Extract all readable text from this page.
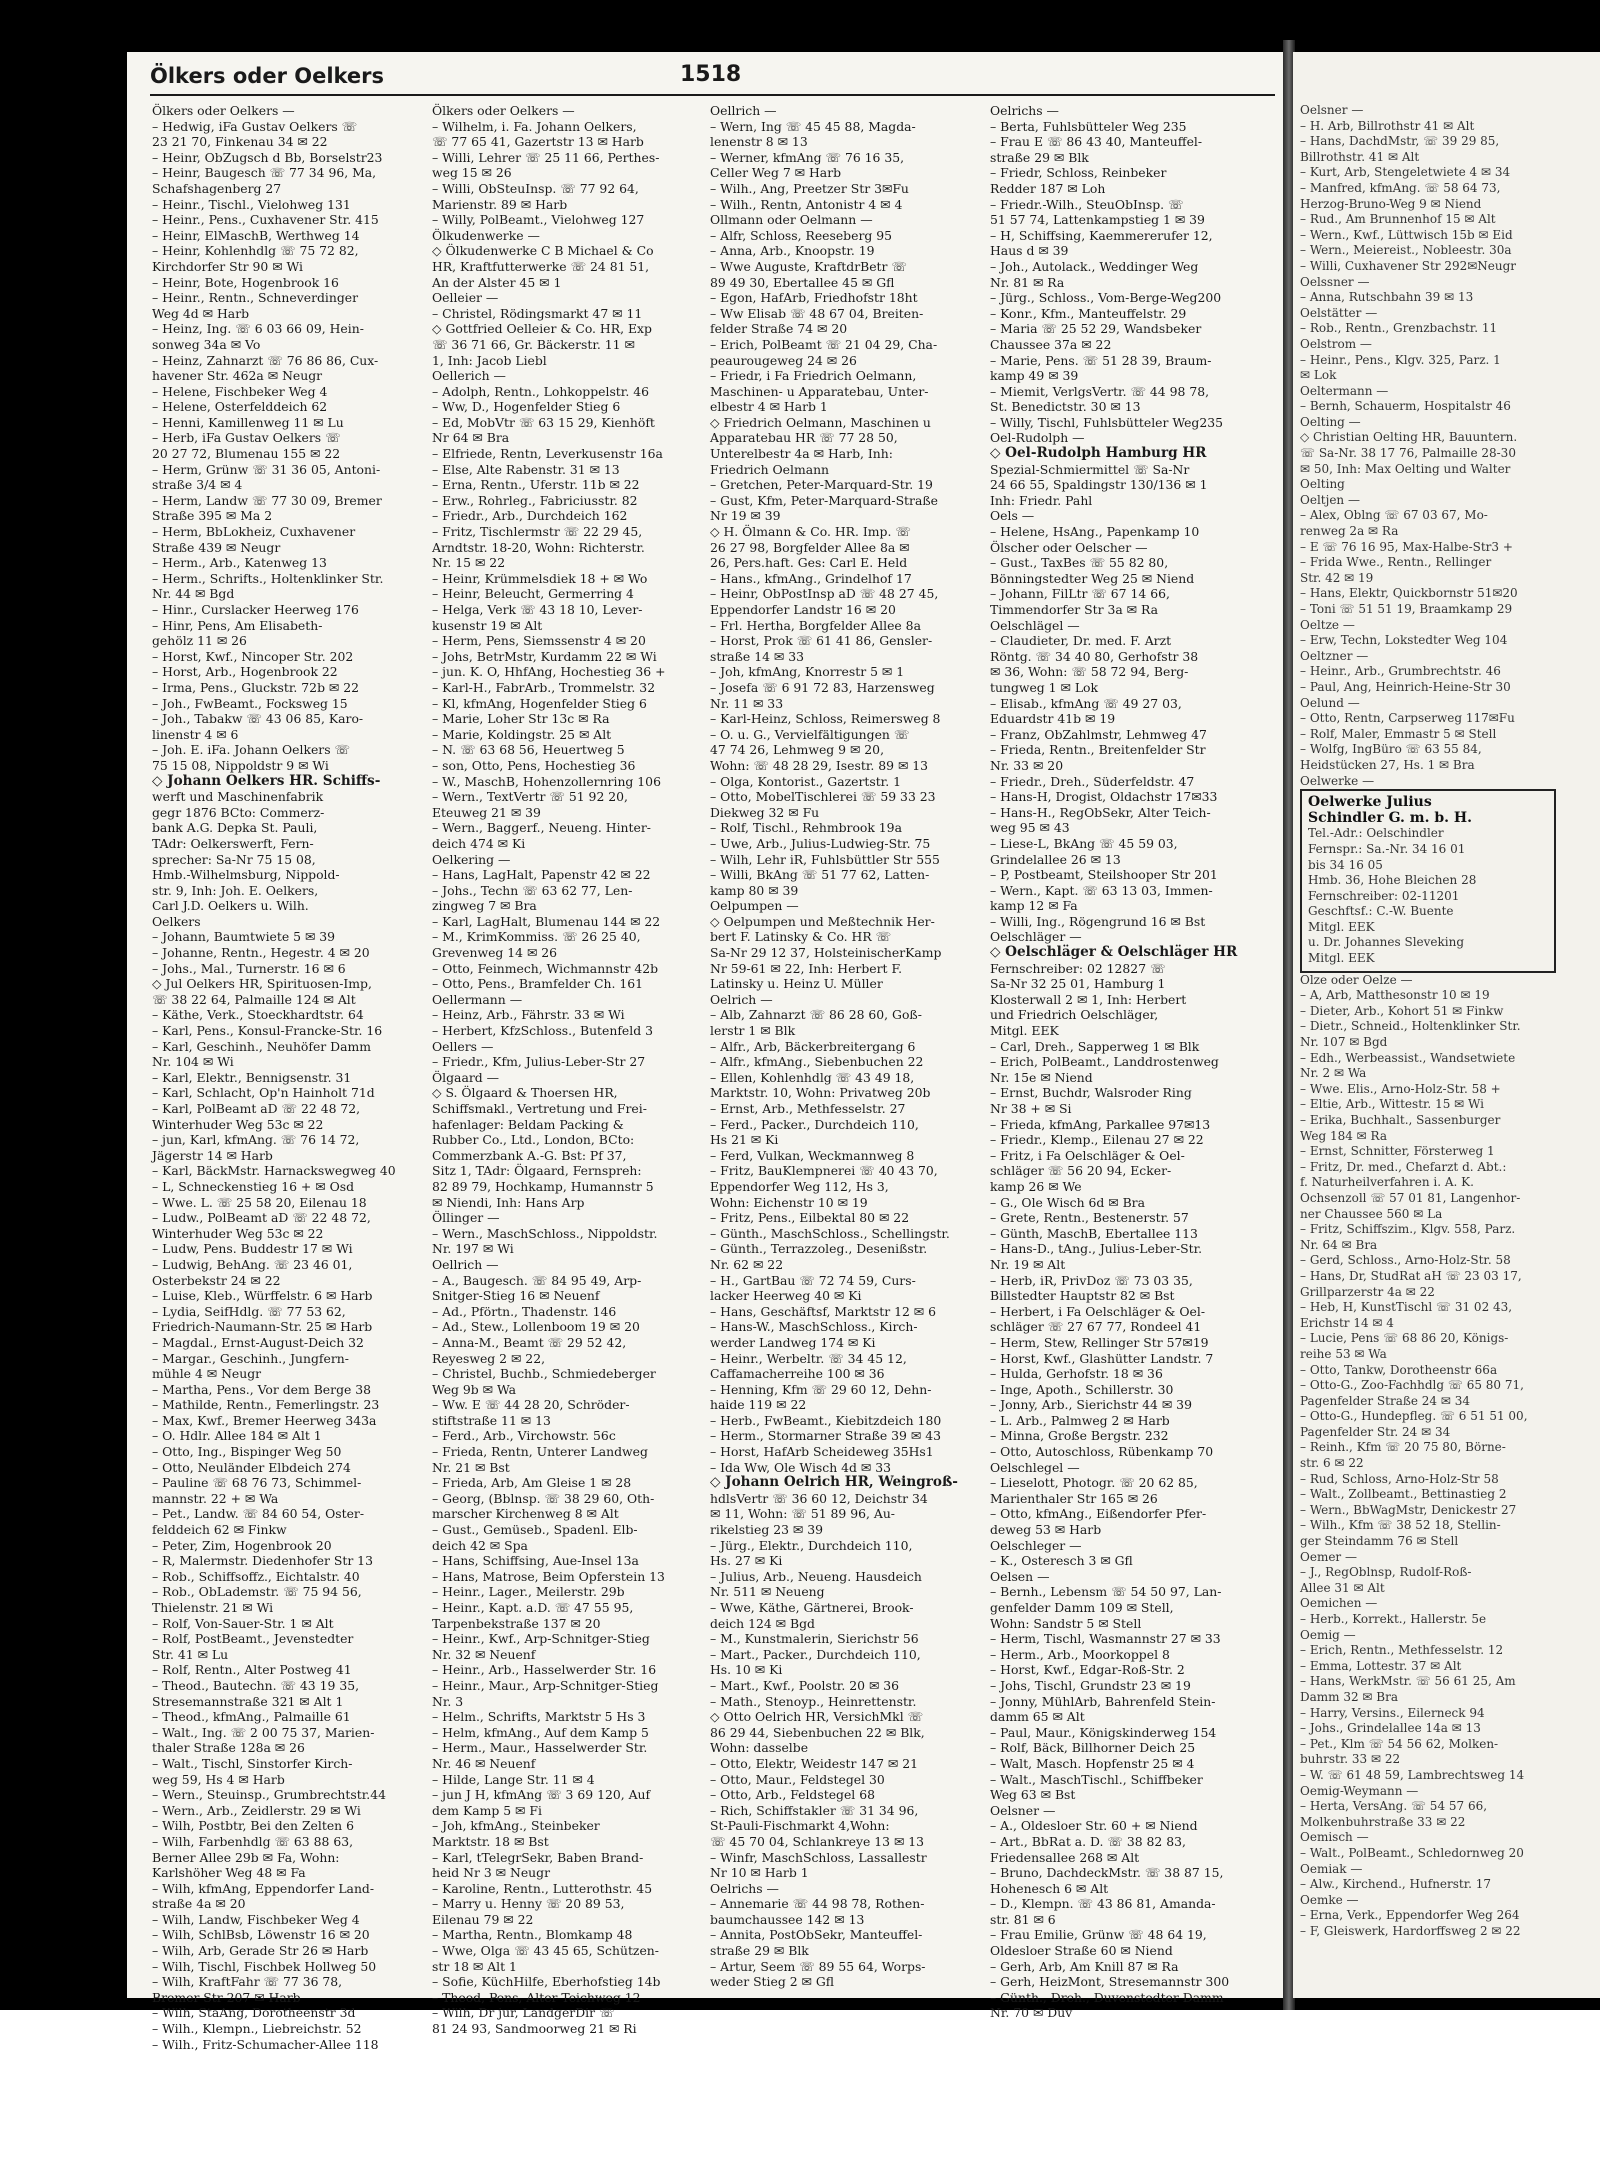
Ölkers oder Oelkers	1518
Ölkers oder Oelkers —
– Hedwig, iFa Gustav Oelkers ☏
23 21 70, Finkenau 34 ✉ 22
– Heinr, ObZugsch d Bb, Borselstr23
– Heinr, Baugesch ☏ 77 34 96, Ma,
Schafshagenberg 27
– Heinr., Tischl., Vielohweg 131
– Heinr., Pens., Cuxhavener Str. 415
– Heinr, ElMaschB, Werthweg 14
– Heinr, Kohlenhdlg ☏ 75 72 82,
Kirchdorfer Str 90 ✉ Wi
– Heinr, Bote, Hogenbrook 16
– Heinr., Rentn., Schneverdinger
Weg 4d ✉ Harb
– Heinz, Ing. ☏ 6 03 66 09, Hein-
sonweg 34a ✉ Vo
– Heinz, Zahnarzt ☏ 76 86 86, Cux-
havener Str. 462a ✉ Neugr
– Helene, Fischbeker Weg 4
– Helene, Osterfelddeich 62
– Henni, Kamillenweg 11 ✉ Lu
– Herb, iFa Gustav Oelkers ☏
20 27 72, Blumenau 155 ✉ 22
– Herm, Grünw ☏ 31 36 05, Antoni-
straße 3/4 ✉ 4
– Herm, Landw ☏ 77 30 09, Bremer
Straße 395 ✉ Ma 2
– Herm, BbLokheiz, Cuxhavener
Straße 439 ✉ Neugr
– Herm., Arb., Katenweg 13
– Herm., Schrifts., Holtenklinker Str.
Nr. 44 ✉ Bgd
– Hinr., Curslacker Heerweg 176
– Hinr, Pens, Am Elisabeth-
gehölz 11 ✉ 26
– Horst, Kwf., Nincoper Str. 202
– Horst, Arb., Hogenbrook 22
– Irma, Pens., Gluckstr. 72b ✉ 22
– Joh., FwBeamt., Focksweg 15
– Joh., Tabakw ☏ 43 06 85, Karo-
linenstr 4 ✉ 6
– Joh. E. iFa. Johann Oelkers ☏
75 15 08, Nippoldstr 9 ✉ Wi
◇ Johann Oelkers HR. Schiffs-
werft und Maschinenfabrik
gegr 1876 BCto: Commerz-
bank A.G. Depka St. Pauli,
TAdr: Oelkerswerft, Fern-
sprecher: Sa-Nr 75 15 08,
Hmb.-Wilhelmsburg, Nippold-
str. 9, Inh: Joh. E. Oelkers,
Carl J.D. Oelkers u. Wilh.
Oelkers
– Johann, Baumtwiete 5 ✉ 39
– Johanne, Rentn., Hegestr. 4 ✉ 20
– Johs., Mal., Turnerstr. 16 ✉ 6
◇ Jul Oelkers HR, Spirituosen-Imp,
☏ 38 22 64, Palmaille 124 ✉ Alt
– Käthe, Verk., Stoeckhardtstr. 64
– Karl, Pens., Konsul-Francke-Str. 16
– Karl, Geschinh., Neuhöfer Damm
Nr. 104 ✉ Wi
– Karl, Elektr., Bennigsenstr. 31
– Karl, Schlacht, Op'n Hainholt 71d
– Karl, PolBeamt aD ☏ 22 48 72,
Winterhuder Weg 53c ✉ 22
– jun, Karl, kfmAng. ☏ 76 14 72,
Jägerstr 14 ✉ Harb
– Karl, BäckMstr. Harnackswegweg 40
– L, Schneckenstieg 16 + ✉ Osd
– Wwe. L. ☏ 25 58 20, Eilenau 18
– Ludw., PolBeamt aD ☏ 22 48 72,
Winterhuder Weg 53c ✉ 22
– Ludw, Pens. Buddestr 17 ✉ Wi
– Ludwig, BehAng. ☏ 23 46 01,
Osterbekstr 24 ✉ 22
– Luise, Kleb., Würffelstr. 6 ✉ Harb
– Lydia, SeifHdlg. ☏ 77 53 62,
Friedrich-Naumann-Str. 25 ✉ Harb
– Magdal., Ernst-August-Deich 32
– Margar., Geschinh., Jungfern-
mühle 4 ✉ Neugr
– Martha, Pens., Vor dem Berge 38
– Mathilde, Rentn., Femerlingstr. 23
– Max, Kwf., Bremer Heerweg 343a
– O. Hdlr. Allee 184 ✉ Alt 1
– Otto, Ing., Bispinger Weg 50
– Otto, Neuländer Elbdeich 274
– Pauline ☏ 68 76 73, Schimmel-
mannstr. 22 + ✉ Wa
– Pet., Landw. ☏ 84 60 54, Oster-
felddeich 62 ✉ Finkw
– Peter, Zim, Hogenbrook 20
– R, Malermstr. Diedenhofer Str 13
– Rob., Schiffsoffz., Eichtalstr. 40
– Rob., ObLademstr. ☏ 75 94 56,
Thielenstr. 21 ✉ Wi
– Rolf, Von-Sauer-Str. 1 ✉ Alt
– Rolf, PostBeamt., Jevenstedter
Str. 41 ✉ Lu
– Rolf, Rentn., Alter Postweg 41
– Theod., Bautechn. ☏ 43 19 35,
Stresemannstraße 321 ✉ Alt 1
– Theod., kfmAng., Palmaille 61
– Walt., Ing. ☏ 2 00 75 37, Marien-
thaler Straße 128a ✉ 26
– Walt., Tischl, Sinstorfer Kirch-
weg 59, Hs 4 ✉ Harb
– Wern., Steuinsp., Grumbrechtstr.44
– Wern., Arb., Zeidlerstr. 29 ✉ Wi
– Wilh, Postbtr, Bei den Zelten 6
– Wilh, Farbenhdlg ☏ 63 88 63,
Berner Allee 29b ✉ Fa, Wohn:
Karlshöher Weg 48 ✉ Fa
– Wilh, kfmAng, Eppendorfer Land-
straße 4a ✉ 20
– Wilh, Landw, Fischbeker Weg 4
– Wilh, SchlBsb, Löwenstr 16 ✉ 20
– Wilh, Arb, Gerade Str 26 ✉ Harb
– Wilh, Tischl, Fischbek Hollweg 50
– Wilh, KraftFahr ☏ 77 36 78,
Bremer Str 207 ✉ Harb
– Wilh, StaAng, Dorotheenstr 3d
– Wilh., Klempn., Liebreichstr. 52
– Wilh., Fritz-Schumacher-Allee 118
Ölkers oder Oelkers —
– Wilhelm, i. Fa. Johann Oelkers,
☏ 77 65 41, Gazertstr 13 ✉ Harb
– Willi, Lehrer ☏ 25 11 66, Perthes-
weg 15 ✉ 26
– Willi, ObSteuInsp. ☏ 77 92 64,
Marienstr. 89 ✉ Harb
– Willy, PolBeamt., Vielohweg 127
Ölkudenwerke —
◇ Ölkudenwerke C B Michael & Co
HR, Kraftfutterwerke ☏ 24 81 51,
An der Alster 45 ✉ 1
Oelleier —
– Christel, Rödingsmarkt 47 ✉ 11
◇ Gottfried Oelleier & Co. HR, Exp
☏ 36 71 66, Gr. Bäckerstr. 11 ✉
1, Inh: Jacob Liebl
Oellerich —
– Adolph, Rentn., Lohkoppelstr. 46
– Ww, D., Hogenfelder Stieg 6
– Ed, MobVtr ☏ 63 15 29, Kienhöft
Nr 64 ✉ Bra
– Elfriede, Rentn, Leverkusenstr 16a
– Else, Alte Rabenstr. 31 ✉ 13
– Erna, Rentn., Uferstr. 11b ✉ 22
– Erw., Rohrleg., Fabriciusstr. 82
– Friedr., Arb., Durchdeich 162
– Fritz, Tischlermstr ☏ 22 29 45,
Arndtstr. 18-20, Wohn: Richterstr.
Nr. 15 ✉ 22
– Heinr, Krümmelsdiek 18 + ✉ Wo
– Heinr, Beleucht, Germerring 4
– Helga, Verk ☏ 43 18 10, Lever-
kusenstr 19 ✉ Alt
– Herm, Pens, Siemssenstr 4 ✉ 20
– Johs, BetrMstr, Kurdamm 22 ✉ Wi
– jun. K. O, HhfAng, Hochestieg 36 +
– Karl-H., FabrArb., Trommelstr. 32
– Kl, kfmAng, Hogenfelder Stieg 6
– Marie, Loher Str 13c ✉ Ra
– Marie, Koldingstr. 25 ✉ Alt
– N. ☏ 63 68 56, Heuertweg 5
– son, Otto, Pens, Hochestieg 36
– W., MaschB, Hohenzollernring 106
– Wern., TextVertr ☏ 51 92 20,
Eteuweg 21 ✉ 39
– Wern., Baggerf., Neueng. Hinter-
deich 474 ✉ Ki
Oelkering —
– Hans, LagHalt, Papenstr 42 ✉ 22
– Johs., Techn ☏ 63 62 77, Len-
zingweg 7 ✉ Bra
– Karl, LagHalt, Blumenau 144 ✉ 22
– M., KrimKommiss. ☏ 26 25 40,
Grevenweg 14 ✉ 26
– Otto, Feinmech, Wichmannstr 42b
– Otto, Pens., Bramfelder Ch. 161
Oellermann —
– Heinz, Arb., Fährstr. 33 ✉ Wi
– Herbert, KfzSchloss., Butenfeld 3
Oellers —
– Friedr., Kfm, Julius-Leber-Str 27
Ölgaard —
◇ S. Ölgaard & Thoersen HR,
Schiffsmakl., Vertretung und Frei-
hafenlager: Beldam Packing &
Rubber Co., Ltd., London, BCto:
Commerzbank A.-G. Bst: Pf 37,
Sitz 1, TAdr: Ölgaard, Fernspreh:
82 89 79, Hochkamp, Humannstr 5
✉ Niendi, Inh: Hans Arp
Öllinger —
– Wern., MaschSchloss., Nippoldstr.
Nr. 197 ✉ Wi
Oellrich —
– A., Baugesch. ☏ 84 95 49, Arp-
Snitger-Stieg 16 ✉ Neuenf
– Ad., Pförtn., Thadenstr. 146
– Ad., Stew., Lollenboom 19 ✉ 20
– Anna-M., Beamt ☏ 29 52 42,
Reyesweg 2 ✉ 22,
– Christel, Buchb., Schmiedeberger
Weg 9b ✉ Wa
– Ww. E ☏ 44 28 20, Schröder-
stiftstraße 11 ✉ 13
– Ferd., Arb., Virchowstr. 56c
– Frieda, Rentn, Unterer Landweg
Nr. 21 ✉ Bst
– Frieda, Arb, Am Gleise 1 ✉ 28
– Georg, (Bblnsp. ☏ 38 29 60, Oth-
marscher Kirchenweg 8 ✉ Alt
– Gust., Gemüseb., Spadenl. Elb-
deich 42 ✉ Spa
– Hans, Schiffsing, Aue-Insel 13a
– Hans, Matrose, Beim Opferstein 13
– Heinr., Lager., Meilerstr. 29b
– Heinr., Kapt. a.D. ☏ 47 55 95,
Tarpenbekstraße 137 ✉ 20
– Heinr., Kwf., Arp-Schnitger-Stieg
Nr. 32 ✉ Neuenf
– Heinr., Arb., Hasselwerder Str. 16
– Heinr., Maur., Arp-Schnitger-Stieg
Nr. 3
– Helm., Schrifts, Marktstr 5 Hs 3
– Helm, kfmAng., Auf dem Kamp 5
– Herm., Maur., Hasselwerder Str.
Nr. 46 ✉ Neuenf
– Hilde, Lange Str. 11 ✉ 4
– jun J H, kfmAng ☏ 3 69 120, Auf
dem Kamp 5 ✉ Fi
– Joh, kfmAng., Steinbeker
Marktstr. 18 ✉ Bst
– Karl, tTelegrSekr, Baben Brand-
heid Nr 3 ✉ Neugr
– Karoline, Rentn., Lutterothstr. 45
– Marry u. Henny ☏ 20 89 53,
Eilenau 79 ✉ 22
– Martha, Rentn., Blomkamp 48
– Wwe, Olga ☏ 43 45 65, Schützen-
str 18 ✉ Alt 1
– Sofie, KüchHilfe, Eberhofstieg 14b
– Theod, Pens, Alter Teichweg 12
– Wilh, Dr jur, LandgerDir ☏
81 24 93, Sandmoorweg 21 ✉ Ri
Oellrich —
– Wern, Ing ☏ 45 45 88, Magda-
lenenstr 8 ✉ 13
– Werner, kfmAng ☏ 76 16 35,
Celler Weg 7 ✉ Harb
– Wilh., Ang, Preetzer Str 3✉Fu
– Wilh., Rentn, Antonistr 4 ✉ 4
Ollmann oder Oelmann —
– Alfr, Schloss, Reeseberg 95
– Anna, Arb., Knoopstr. 19
– Wwe Auguste, KraftdrBetr ☏
89 49 30, Ebertallee 45 ✉ Gfl
– Egon, HafArb, Friedhofstr 18ht
– Ww Elisab ☏ 48 67 04, Breiten-
felder Straße 74 ✉ 20
– Erich, PolBeamt ☏ 21 04 29, Cha-
peaurougeweg 24 ✉ 26
– Friedr, i Fa Friedrich Oelmann,
Maschinen- u Apparatebau, Unter-
elbestr 4 ✉ Harb 1
◇ Friedrich Oelmann, Maschinen u
Apparatebau HR ☏ 77 28 50,
Unterelbestr 4a ✉ Harb, Inh:
Friedrich Oelmann
– Gretchen, Peter-Marquard-Str. 19
– Gust, Kfm, Peter-Marquard-Straße
Nr 19 ✉ 39
◇ H. Ölmann & Co. HR. Imp. ☏
26 27 98, Borgfelder Allee 8a ✉
26, Pers.haft. Ges: Carl E. Held
– Hans., kfmAng., Grindelhof 17
– Heinr, ObPostInsp aD ☏ 48 27 45,
Eppendorfer Landstr 16 ✉ 20
– Frl. Hertha, Borgfelder Allee 8a
– Horst, Prok ☏ 61 41 86, Gensler-
straße 14 ✉ 33
– Joh, kfmAng, Knorrestr 5 ✉ 1
– Josefa ☏ 6 91 72 83, Harzensweg
Nr. 11 ✉ 33
– Karl-Heinz, Schloss, Reimersweg 8
– O. u. G., Vervielfältigungen ☏
47 74 26, Lehmweg 9 ✉ 20,
Wohn: ☏ 48 28 29, Isestr. 89 ✉ 13
– Olga, Kontorist., Gazertstr. 1
– Otto, MobelTischlerei ☏ 59 33 23
Diekweg 32 ✉ Fu
– Rolf, Tischl., Rehmbrook 19a
– Uwe, Arb., Julius-Ludwieg-Str. 75
– Wilh, Lehr iR, Fuhlsbüttler Str 555
– Willi, BkAng ☏ 51 77 62, Latten-
kamp 80 ✉ 39
Oelpumpen —
◇ Oelpumpen und Meßtechnik Her-
bert F. Latinsky & Co. HR ☏
Sa-Nr 29 12 37, HolsteinischerKamp
Nr 59-61 ✉ 22, Inh: Herbert F.
Latinsky u. Heinz U. Müller
Oelrich —
– Alb, Zahnarzt ☏ 86 28 60, Goß-
lerstr 1 ✉ Blk
– Alfr., Arb, Bäckerbreitergang 6
– Alfr., kfmAng., Siebenbuchen 22
– Ellen, Kohlenhdlg ☏ 43 49 18,
Marktstr. 10, Wohn: Privatweg 20b
– Ernst, Arb., Methfesselstr. 27
– Ferd., Packer., Durchdeich 110,
Hs 21 ✉ Ki
– Ferd, Vulkan, Weckmannweg 8
– Fritz, BauKlempnerei ☏ 40 43 70,
Eppendorfer Weg 112, Hs 3,
Wohn: Eichenstr 10 ✉ 19
– Fritz, Pens., Eilbektal 80 ✉ 22
– Günth., MaschSchloss., Schellingstr.
– Günth., Terrazzoleg., Desenißstr.
Nr. 62 ✉ 22
– H., GartBau ☏ 72 74 59, Curs-
lacker Heerweg 40 ✉ Ki
– Hans, Geschäftsf, Marktstr 12 ✉ 6
– Hans-W., MaschSchloss., Kirch-
werder Landweg 174 ✉ Ki
– Heinr., Werbeltr. ☏ 34 45 12,
Caffamacherreihe 100 ✉ 36
– Henning, Kfm ☏ 29 60 12, Dehn-
haide 119 ✉ 22
– Herb., FwBeamt., Kiebitzdeich 180
– Herm., Stormarner Straße 39 ✉ 43
– Horst, HafArb Scheideweg 35Hs1
– Ida Ww, Ole Wisch 4d ✉ 33
◇ Johann Oelrich HR, Weingroß-
hdlsVertr ☏ 36 60 12, Deichstr 34
✉ 11, Wohn: ☏ 51 89 96, Au-
rikelstieg 23 ✉ 39
– Jürg., Elektr., Durchdeich 110,
Hs. 27 ✉ Ki
– Julius, Arb., Neueng. Hausdeich
Nr. 511 ✉ Neueng
– Wwe, Käthe, Gärtnerei, Brook-
deich 124 ✉ Bgd
– M., Kunstmalerin, Sierichstr 56
– Mart., Packer., Durchdeich 110,
Hs. 10 ✉ Ki
– Mart., Kwf., Poolstr. 20 ✉ 36
– Math., Stenoyp., Heinrettenstr.
◇ Otto Oelrich HR, VersichMkl ☏
86 29 44, Siebenbuchen 22 ✉ Blk,
Wohn: dasselbe
– Otto, Elektr, Weidestr 147 ✉ 21
– Otto, Maur., Feldstegel 30
– Otto, Arb., Feldstegel 68
– Rich, Schiffstakler ☏ 31 34 96,
St-Pauli-Fischmarkt 4,Wohn:
☏ 45 70 04, Schlankreye 13 ✉ 13
– Winfr, MaschSchloss, Lassallestr
Nr 10 ✉ Harb 1
Oelrichs —
– Annemarie ☏ 44 98 78, Rothen-
baumchaussee 142 ✉ 13
– Annita, PostObSekr, Manteuffel-
straße 29 ✉ Blk
– Artur, Seem ☏ 89 55 64, Worps-
weder Stieg 2 ✉ Gfl
Oelrichs —
– Berta, Fuhlsbütteler Weg 235
– Frau E ☏ 86 43 40, Manteuffel-
straße 29 ✉ Blk
– Friedr, Schloss, Reinbeker
Redder 187 ✉ Loh
– Friedr.-Wilh., SteuObInsp. ☏
51 57 74, Lattenkampstieg 1 ✉ 39
– H, Schiffsing, Kaemmererufer 12,
Haus d ✉ 39
– Joh., Autolack., Weddinger Weg
Nr. 81 ✉ Ra
– Jürg., Schloss., Vom-Berge-Weg200
– Konr., Kfm., Manteuffelstr. 29
– Maria ☏ 25 52 29, Wandsbeker
Chaussee 37a ✉ 22
– Marie, Pens. ☏ 51 28 39, Braum-
kamp 49 ✉ 39
– Miemit, VerlgsVertr. ☏ 44 98 78,
St. Benedictstr. 30 ✉ 13
– Willy, Tischl, Fuhlsbütteler Weg235
Oel-Rudolph —
◇ Oel-Rudolph Hamburg HR
Spezial-Schmiermittel ☏ Sa-Nr
24 66 55, Spaldingstr 130/136 ✉ 1
Inh: Friedr. Pahl
Oels —
– Helene, HsAng., Papenkamp 10
Ölscher oder Oelscher —
– Gust., TaxBes ☏ 55 82 80,
Bönningstedter Weg 25 ✉ Niend
– Johann, FilLtr ☏ 67 14 66,
Timmendorfer Str 3a ✉ Ra
Oelschlägel —
– Claudieter, Dr. med. F. Arzt
Röntg. ☏ 34 40 80, Gerhofstr 38
✉ 36, Wohn: ☏ 58 72 94, Berg-
tungweg 1 ✉ Lok
– Elisab., kfmAng ☏ 49 27 03,
Eduardstr 41b ✉ 19
– Franz, ObZahlmstr, Lehmweg 47
– Frieda, Rentn., Breitenfelder Str
Nr. 33 ✉ 20
– Friedr., Dreh., Süderfeldstr. 47
– Hans-H, Drogist, Oldachstr 17✉33
– Hans-H., RegObSekr, Alter Teich-
weg 95 ✉ 43
– Liese-L, BkAng ☏ 45 59 03,
Grindelallee 26 ✉ 13
– P, Postbeamt, Steilshooper Str 201
– Wern., Kapt. ☏ 63 13 03, Immen-
kamp 12 ✉ Fa
– Willi, Ing., Rögengrund 16 ✉ Bst
Oelschläger —
◇ Oelschläger & Oelschläger HR
Fernschreiber: 02 12827 ☏
Sa-Nr 32 25 01, Hamburg 1
Klosterwall 2 ✉ 1, Inh: Herbert
und Friedrich Oelschläger,
Mitgl. EEK
– Carl, Dreh., Sapperweg 1 ✉ Blk
– Erich, PolBeamt., Landdrostenweg
Nr. 15e ✉ Niend
– Ernst, Buchdr, Walsroder Ring
Nr 38 + ✉ Si
– Frieda, kfmAng, Parkallee 97✉13
– Friedr., Klemp., Eilenau 27 ✉ 22
– Fritz, i Fa Oelschläger & Oel-
schläger ☏ 56 20 94, Ecker-
kamp 26 ✉ We
– G., Ole Wisch 6d ✉ Bra
– Grete, Rentn., Bestenerstr. 57
– Günth, MaschB, Ebertallee 113
– Hans-D., tAng., Julius-Leber-Str.
Nr. 19 ✉ Alt
– Herb, iR, PrivDoz ☏ 73 03 35,
Billstedter Hauptstr 82 ✉ Bst
– Herbert, i Fa Oelschläger & Oel-
schläger ☏ 27 67 77, Rondeel 41
– Herm, Stew, Rellinger Str 57✉19
– Horst, Kwf., Glashütter Landstr. 7
– Hulda, Gerhofstr. 18 ✉ 36
– Inge, Apoth., Schillerstr. 30
– Jonny, Arb., Sierichstr 44 ✉ 39
– L. Arb., Palmweg 2 ✉ Harb
– Minna, Große Bergstr. 232
– Otto, Autoschloss, Rübenkamp 70
Oelschlegel —
– Lieselott, Photogr. ☏ 20 62 85,
Marienthaler Str 165 ✉ 26
– Otto, kfmAng., Eißendorfer Pfer-
deweg 53 ✉ Harb
Oelschleger —
– K., Osteresch 3 ✉ Gfl
Oelsen —
– Bernh., Lebensm ☏ 54 50 97, Lan-
genfelder Damm 109 ✉ Stell,
Wohn: Sandstr 5 ✉ Stell
– Herm, Tischl, Wasmannstr 27 ✉ 33
– Herm., Arb., Moorkoppel 8
– Horst, Kwf., Edgar-Roß-Str. 2
– Johs, Tischl, Grundstr 23 ✉ 19
– Jonny, MühlArb, Bahrenfeld Stein-
damm 65 ✉ Alt
– Paul, Maur., Königskinderweg 154
– Rolf, Bäck, Billhorner Deich 25
– Walt, Masch. Hopfenstr 25 ✉ 4
– Walt., MaschTischl., Schiffbeker
Weg 63 ✉ Bst
Oelsner —
– A., Oldesloer Str. 60 + ✉ Niend
– Art., BbRat a. D. ☏ 38 82 83,
Friedensallee 268 ✉ Alt
– Bruno, DachdeckMstr. ☏ 38 87 15,
Hohenesch 6 ✉ Alt
– D., Klempn. ☏ 43 86 81, Amanda-
str. 81 ✉ 6
– Frau Emilie, Grünw ☏ 48 64 19,
Oldesloer Straße 60 ✉ Niend
– Gerh, Arb, Am Knill 87 ✉ Ra
– Gerh, HeizMont, Stresemannstr 300
– Günth., Dreh., Duvenstedter Damm
Nr. 70 ✉ Duv
Oelsner —
– H. Arb, Billrothstr 41 ✉ Alt
– Hans, DachdMstr, ☏ 39 29 85,
Billrothstr. 41 ✉ Alt
– Kurt, Arb, Stengeletwiete 4 ✉ 34
– Manfred, kfmAng. ☏ 58 64 73,
Herzog-Bruno-Weg 9 ✉ Niend
– Rud., Am Brunnenhof 15 ✉ Alt
– Wern., Kwf., Lüttwisch 15b ✉ Eid
– Wern., Meiereist., Nobleestr. 30a
– Willi, Cuxhavener Str 292✉Neugr
Oelssner —
– Anna, Rutschbahn 39 ✉ 13
Oelstätter —
– Rob., Rentn., Grenzbachstr. 11
Oelstrom —
– Heinr., Pens., Klgv. 325, Parz. 1
✉ Lok
Oeltermann —
– Bernh, Schauerm, Hospitalstr 46
Oelting —
◇ Christian Oelting HR, Bauuntern.
☏ Sa-Nr. 38 17 76, Palmaille 28-30
✉ 50, Inh: Max Oelting und Walter
Oelting
Oeltjen —
– Alex, Oblng ☏ 67 03 67, Mo-
renweg 2a ✉ Ra
– E ☏ 76 16 95, Max-Halbe-Str3 +
– Frida Wwe., Rentn., Rellinger
Str. 42 ✉ 19
– Hans, Elektr, Quickbornstr 51✉20
– Toni ☏ 51 51 19, Braamkamp 29
Oeltze —
– Erw, Techn, Lokstedter Weg 104
Oeltzner —
– Heinr., Arb., Grumbrechtstr. 46
– Paul, Ang, Heinrich-Heine-Str 30
Oelund —
– Otto, Rentn, Carpserweg 117✉Fu
– Rolf, Maler, Emmastr 5 ✉ Stell
– Wolfg, IngBüro ☏ 63 55 84,
Heidstücken 27, Hs. 1 ✉ Bra
Oelwerke —
Oelwerke Julius
Schindler G. m. b. H.
Tel.-Adr.: Oelschindler
Fernspr.: Sa.-Nr. 34 16 01
bis 34 16 05
Hmb. 36, Hohe Bleichen 28
Fernschreiber: 02-11201
Geschftsf.: C.-W. Buente
Mitgl. EEK
u. Dr. Johannes Sleveking
Mitgl. EEK
Olze oder Oelze —
– A, Arb, Matthesonstr 10 ✉ 19
– Dieter, Arb., Kohort 51 ✉ Finkw
– Dietr., Schneid., Holtenklinker Str.
Nr. 107 ✉ Bgd
– Edh., Werbeassist., Wandsetwiete
Nr. 2 ✉ Wa
– Wwe. Elis., Arno-Holz-Str. 58 +
– Eltie, Arb., Wittestr. 15 ✉ Wi
– Erika, Buchhalt., Sassenburger
Weg 184 ✉ Ra
– Ernst, Schnitter, Försterweg 1
– Fritz, Dr. med., Chefarzt d. Abt.:
f. Naturheilverfahren i. A. K.
Ochsenzoll ☏ 57 01 81, Langenhor-
ner Chaussee 560 ✉ La
– Fritz, Schiffszim., Klgv. 558, Parz.
Nr. 64 ✉ Bra
– Gerd, Schloss., Arno-Holz-Str. 58
– Hans, Dr, StudRat aH ☏ 23 03 17,
Grillparzerstr 4a ✉ 22
– Heb, H, KunstTischl ☏ 31 02 43,
Erichstr 14 ✉ 4
– Lucie, Pens ☏ 68 86 20, Königs-
reihe 53 ✉ Wa
– Otto, Tankw, Dorotheenstr 66a
– Otto-G., Zoo-Fachhdlg ☏ 65 80 71,
Pagenfelder Straße 24 ✉ 34
– Otto-G., Hundepfleg. ☏ 6 51 51 00,
Pagenfelder Str. 24 ✉ 34
– Reinh., Kfm ☏ 20 75 80, Börne-
str. 6 ✉ 22
– Rud, Schloss, Arno-Holz-Str 58
– Walt., Zollbeamt., Bettinastieg 2
– Wern., BbWagMstr, Denickestr 27
– Wilh., Kfm ☏ 38 52 18, Stellin-
ger Steindamm 76 ✉ Stell
Oemer —
– J., RegOblnsp, Rudolf-Roß-
Allee 31 ✉ Alt
Oemichen —
– Herb., Korrekt., Hallerstr. 5e
Oemig —
– Erich, Rentn., Methfesselstr. 12
– Emma, Lottestr. 37 ✉ Alt
– Hans, WerkMstr. ☏ 56 61 25, Am
Damm 32 ✉ Bra
– Harry, Versins., Eilerneck 94
– Johs., Grindelallee 14a ✉ 13
– Pet., Klm ☏ 54 56 62, Molken-
buhrstr. 33 ✉ 22
– W. ☏ 61 48 59, Lambrechtsweg 14
Oemig-Weymann —
– Herta, VersAng. ☏ 54 57 66,
Molkenbuhrstraße 33 ✉ 22
Oemisch —
– Walt., PolBeamt., Schledornweg 20
Oemiak —
– Alw., Kirchend., Hufnerstr. 17
Oemke —
– Erna, Verk., Eppendorfer Weg 264
– F, Gleiswerk, Hardorffsweg 2 ✉ 22
